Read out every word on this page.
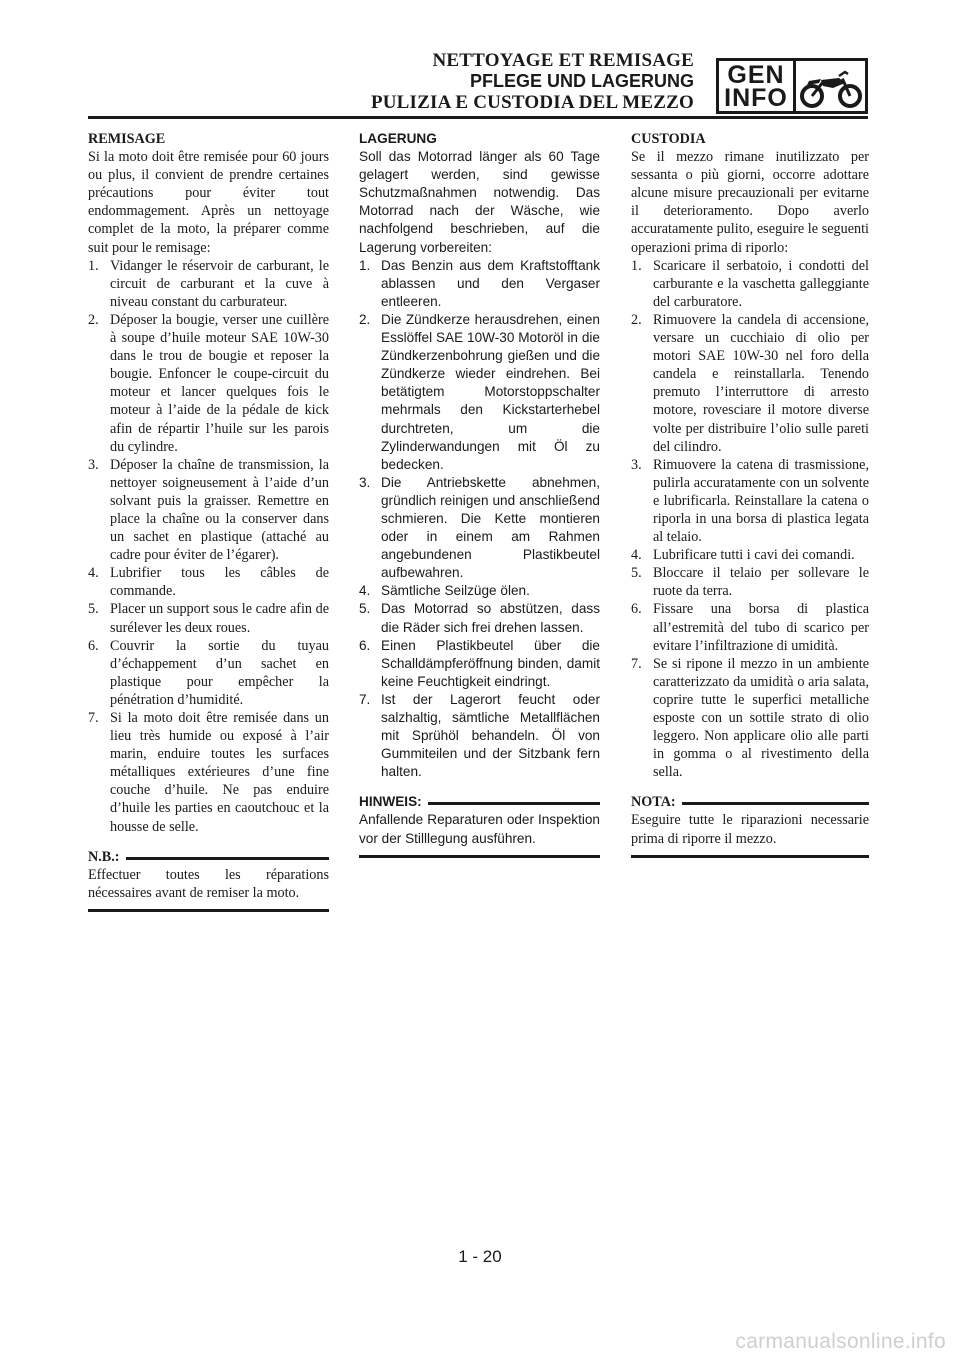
NETTOYAGE ET REMISAGE
PFLEGE UND LAGERUNG
PULIZIA E CUSTODIA DEL MEZZO
GEN
INFO
REMISAGE
Si la moto doit être remisée pour 60 jours ou plus, il convient de prendre certaines précautions pour éviter tout endommagement. Après un nettoyage complet de la moto, la préparer comme suit pour le remisage:
1. Vidanger le réservoir de carburant, le circuit de carburant et la cuve à niveau constant du carburateur.
2. Déposer la bougie, verser une cuillère à soupe d’huile moteur SAE 10W-30 dans le trou de bougie et reposer la bougie. Enfoncer le coupe-circuit du moteur et lancer quelques fois le moteur à l’aide de la pédale de kick afin de répartir l’huile sur les parois du cylindre.
3. Déposer la chaîne de transmission, la nettoyer soigneusement à l’aide d’un solvant puis la graisser. Remettre en place la chaîne ou la conserver dans un sachet en plastique (attaché au cadre pour éviter de l’égarer).
4. Lubrifier tous les câbles de commande.
5. Placer un support sous le cadre afin de surélever les deux roues.
6. Couvrir la sortie du tuyau d’échappement d’un sachet en plastique pour empêcher la pénétration d’humidité.
7. Si la moto doit être remisée dans un lieu très humide ou exposé à l’air marin, enduire toutes les surfaces métalliques extérieures d’une fine couche d’huile. Ne pas enduire d’huile les parties en caoutchouc et la housse de selle.
N.B.:
Effectuer toutes les réparations nécessaires avant de remiser la moto.
LAGERUNG
Soll das Motorrad länger als 60 Tage gelagert werden, sind gewisse Schutzmaßnahmen notwendig. Das Motorrad nach der Wäsche, wie nachfolgend beschrieben, auf die Lagerung vorbereiten:
1. Das Benzin aus dem Kraftstofftank ablassen und den Vergaser entleeren.
2. Die Zündkerze herausdrehen, einen Esslöffel SAE 10W-30 Motoröl in die Zündkerzenbohrung gießen und die Zündkerze wieder eindrehen. Bei betätigtem Motorstoppschalter mehrmals den Kickstarterhebel durchtreten, um die Zylinderwandungen mit Öl zu bedecken.
3. Die Antriebskette abnehmen, gründlich reinigen und anschließend schmieren. Die Kette montieren oder in einem am Rahmen angebundenen Plastikbeutel aufbewahren.
4. Sämtliche Seilzüge ölen.
5. Das Motorrad so abstützen, dass die Räder sich frei drehen lassen.
6. Einen Plastikbeutel über die Schalldämpferöffnung binden, damit keine Feuchtigkeit eindringt.
7. Ist der Lagerort feucht oder salzhaltig, sämtliche Metallflächen mit Sprühöl behandeln. Öl von Gummiteilen und der Sitzbank fern halten.
HINWEIS:
Anfallende Reparaturen oder Inspektion vor der Stilllegung ausführen.
CUSTODIA
Se il mezzo rimane inutilizzato per sessanta o più giorni, occorre adottare alcune misure precauzionali per evitarne il deterioramento. Dopo averlo accuratamente pulito, eseguire le seguenti operazioni prima di riporlo:
1. Scaricare il serbatoio, i condotti del carburante e la vaschetta galleggiante del carburatore.
2. Rimuovere la candela di accensione, versare un cucchiaio di olio per motori SAE 10W-30 nel foro della candela e reinstallarla. Tenendo premuto l’interruttore di arresto motore, rovesciare il motore diverse volte per distribuire l’olio sulle pareti del cilindro.
3. Rimuovere la catena di trasmissione, pulirla accuratamente con un solvente e lubrificarla. Reinstallare la catena o riporla in una borsa di plastica legata al telaio.
4. Lubrificare tutti i cavi dei comandi.
5. Bloccare il telaio per sollevare le ruote da terra.
6. Fissare una borsa di plastica all’estremità del tubo di scarico per evitare l’infiltrazione di umidità.
7. Se si ripone il mezzo in un ambiente caratterizzato da umidità o aria salata, coprire tutte le superfici metalliche esposte con un sottile strato di olio leggero. Non applicare olio alle parti in gomma o al rivestimento della sella.
NOTA:
Eseguire tutte le riparazioni necessarie prima di riporre il mezzo.
1 - 20
carmanualsonline.info
